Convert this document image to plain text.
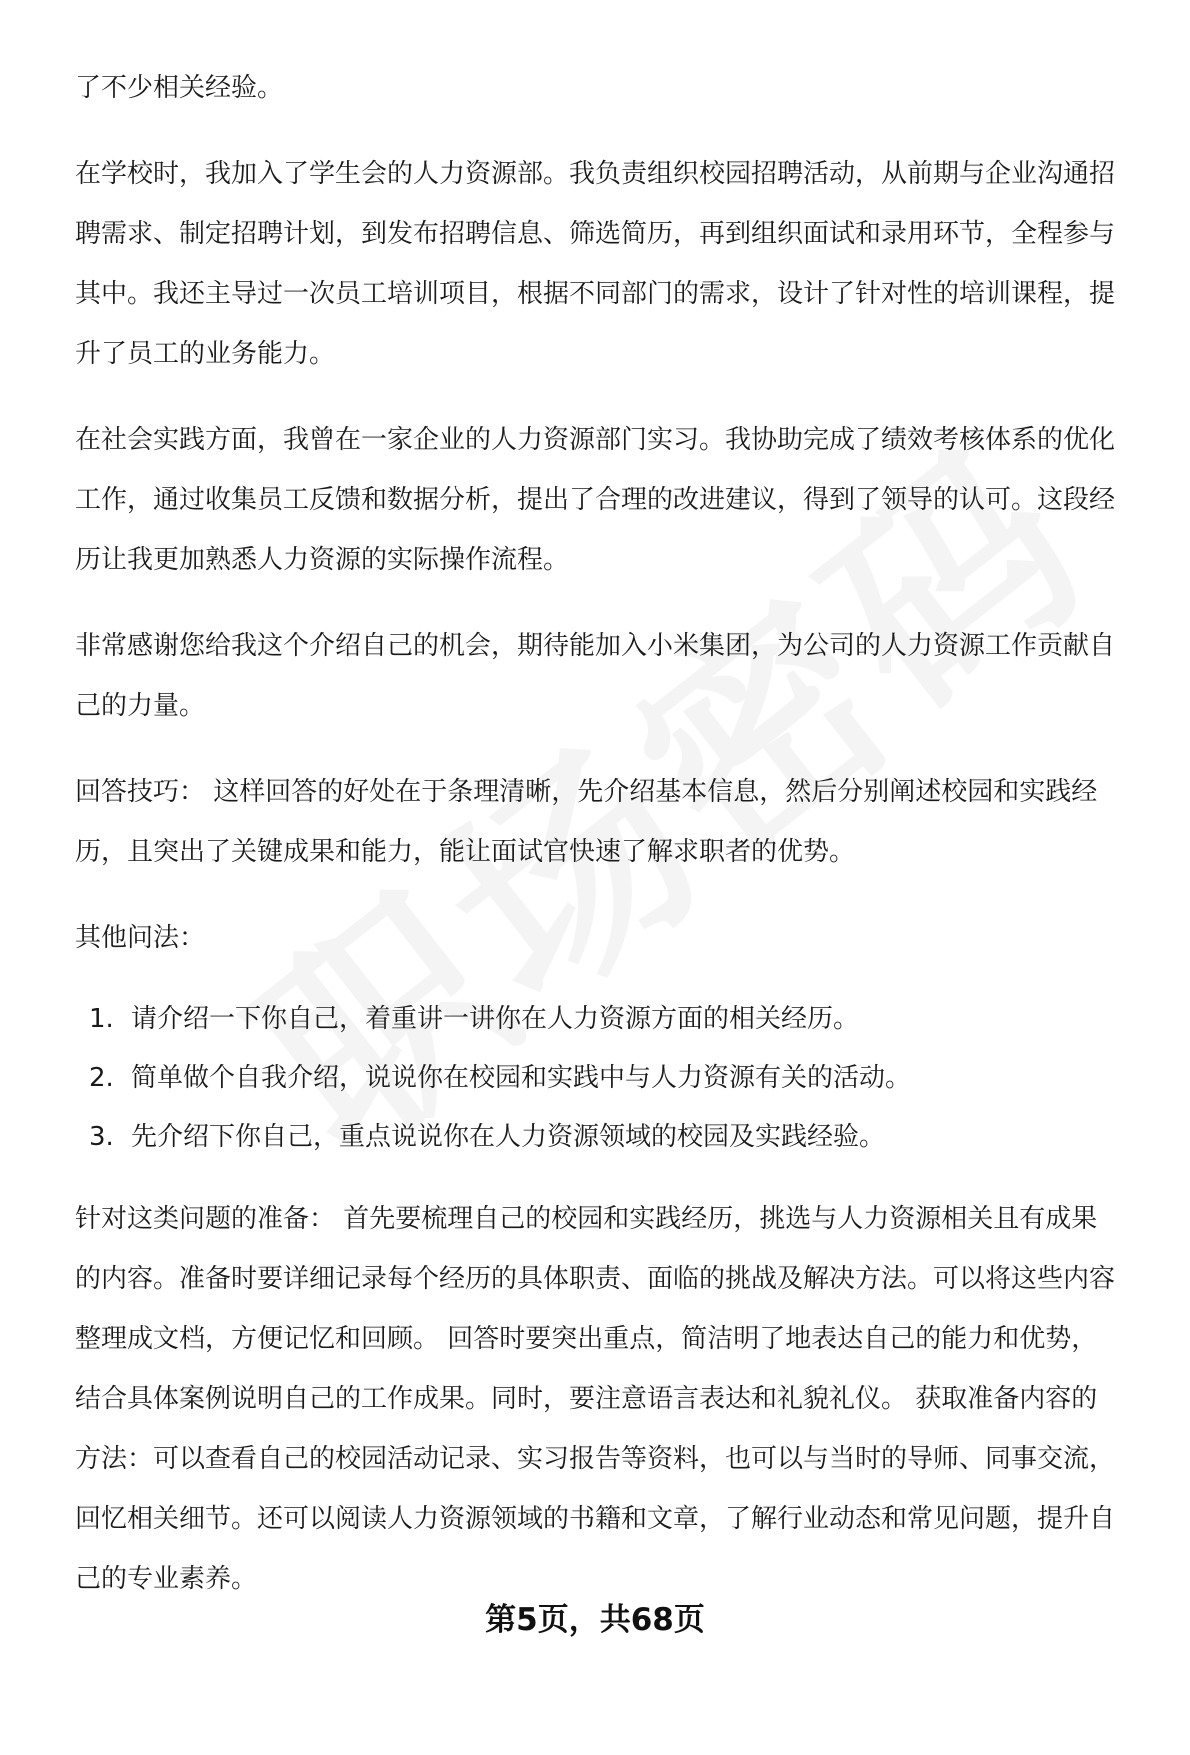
了不少相关经验。

在学校时，我加入了学生会的人力资源部。我负责组织校园招聘活动，从前期与企业沟通招聘需求、制定招聘计划，到发布招聘信息、筛选简历，再到组织面试和录用环节，全程参与其中。我还主导过一次员工培训项目，根据不同部门的需求，设计了针对性的培训课程，提升了员工的业务能力。

在社会实践方面，我曾在一家企业的人力资源部门实习。我协助完成了绩效考核体系的优化工作，通过收集员工反馈和数据分析，提出了合理的改进建议，得到了领导的认可。这段经历让我更加熟悉人力资源的实际操作流程。

非常感谢您给我这个介绍自己的机会，期待能加入小米集团，为公司的人力资源工作贡献自己的力量。

回答技巧： 这样回答的好处在于条理清晰，先介绍基本信息，然后分别阐述校园和实践经历，且突出了关键成果和能力，能让面试官快速了解求职者的优势。

其他问法：

1. 请介绍一下你自己，着重讲一讲你在人力资源方面的相关经历。
2. 简单做个自我介绍，说说你在校园和实践中与人力资源有关的活动。
3. 先介绍下你自己，重点说说你在人力资源领域的校园及实践经验。

针对这类问题的准备： 首先要梳理自己的校园和实践经历，挑选与人力资源相关且有成果的内容。准备时要详细记录每个经历的具体职责、面临的挑战及解决方法。可以将这些内容整理成文档，方便记忆和回顾。 回答时要突出重点，简洁明了地表达自己的能力和优势，结合具体案例说明自己的工作成果。同时，要注意语言表达和礼貌礼仪。 获取准备内容的方法：可以查看自己的校园活动记录、实习报告等资料，也可以与当时的导师、同事交流，回忆相关细节。还可以阅读人力资源领域的书籍和文章，了解行业动态和常见问题，提升自己的专业素养。

第5页，共68页
